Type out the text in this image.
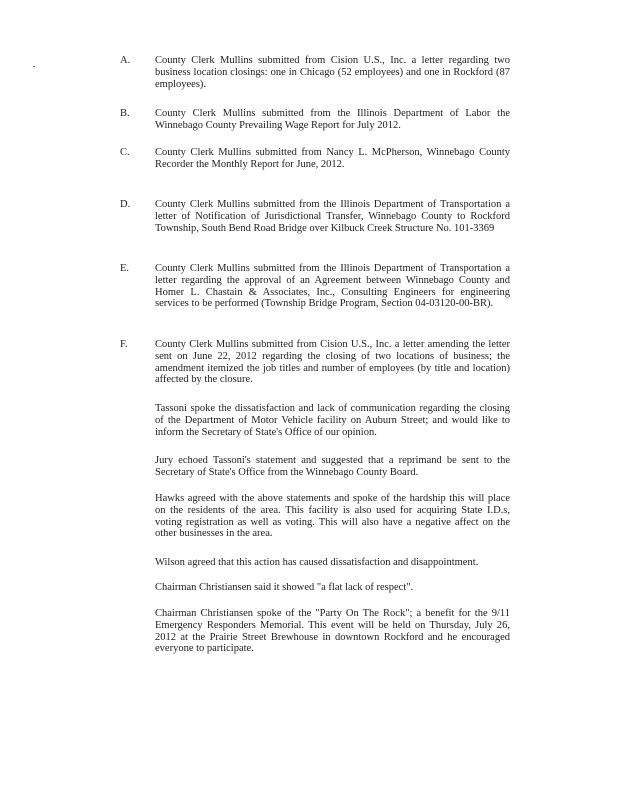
A.	County Clerk Mullins submitted from Cision U.S., Inc. a letter regarding two business location closings: one in Chicago (52 employees) and one in Rockford (87 employees).
B.	County Clerk Mullins submitted from the Illinois Department of Labor the Winnebago County Prevailing Wage Report for July 2012.
C.	County Clerk Mullins submitted from Nancy L. McPherson, Winnebago County Recorder the Monthly Report for June, 2012.
D.	County Clerk Mullins submitted from the Illinois Department of Transportation a letter of Notification of Jurisdictional Transfer, Winnebago County to Rockford Township, South Bend Road Bridge over Kilbuck Creek Structure No. 101-3369
E.	County Clerk Mullins submitted from the Illinois Department of Transportation a letter regarding the approval of an Agreement between Winnebago County and Homer L. Chastain & Associates, Inc., Consulting Engineers for engineering services to be performed (Township Bridge Program, Section 04-03120-00-BR).
F.	County Clerk Mullins submitted from Cision U.S., Inc. a letter amending the letter sent on June 22, 2012 regarding the closing of two locations of business; the amendment itemized the job titles and number of employees (by title and location) affected by the closure.

Tassoni spoke the dissatisfaction and lack of communication regarding the closing of the Department of Motor Vehicle facility on Auburn Street; and would like to inform the Secretary of State's Office of our opinion.

Jury echoed Tassoni's statement and suggested that a reprimand be sent to the Secretary of State's Office from the Winnebago County Board.

Hawks agreed with the above statements and spoke of the hardship this will place on the residents of the area. This facility is also used for acquiring State I.D.s, voting registration as well as voting. This will also have a negative affect on the other businesses in the area.

Wilson agreed that this action has caused dissatisfaction and disappointment.

Chairman Christiansen said it showed "a flat lack of respect".

Chairman Christiansen spoke of the "Party On The Rock"; a benefit for the 9/11 Emergency Responders Memorial. This event will be held on Thursday, July 26, 2012 at the Prairie Street Brewhouse in downtown Rockford and he encouraged everyone to participate.
